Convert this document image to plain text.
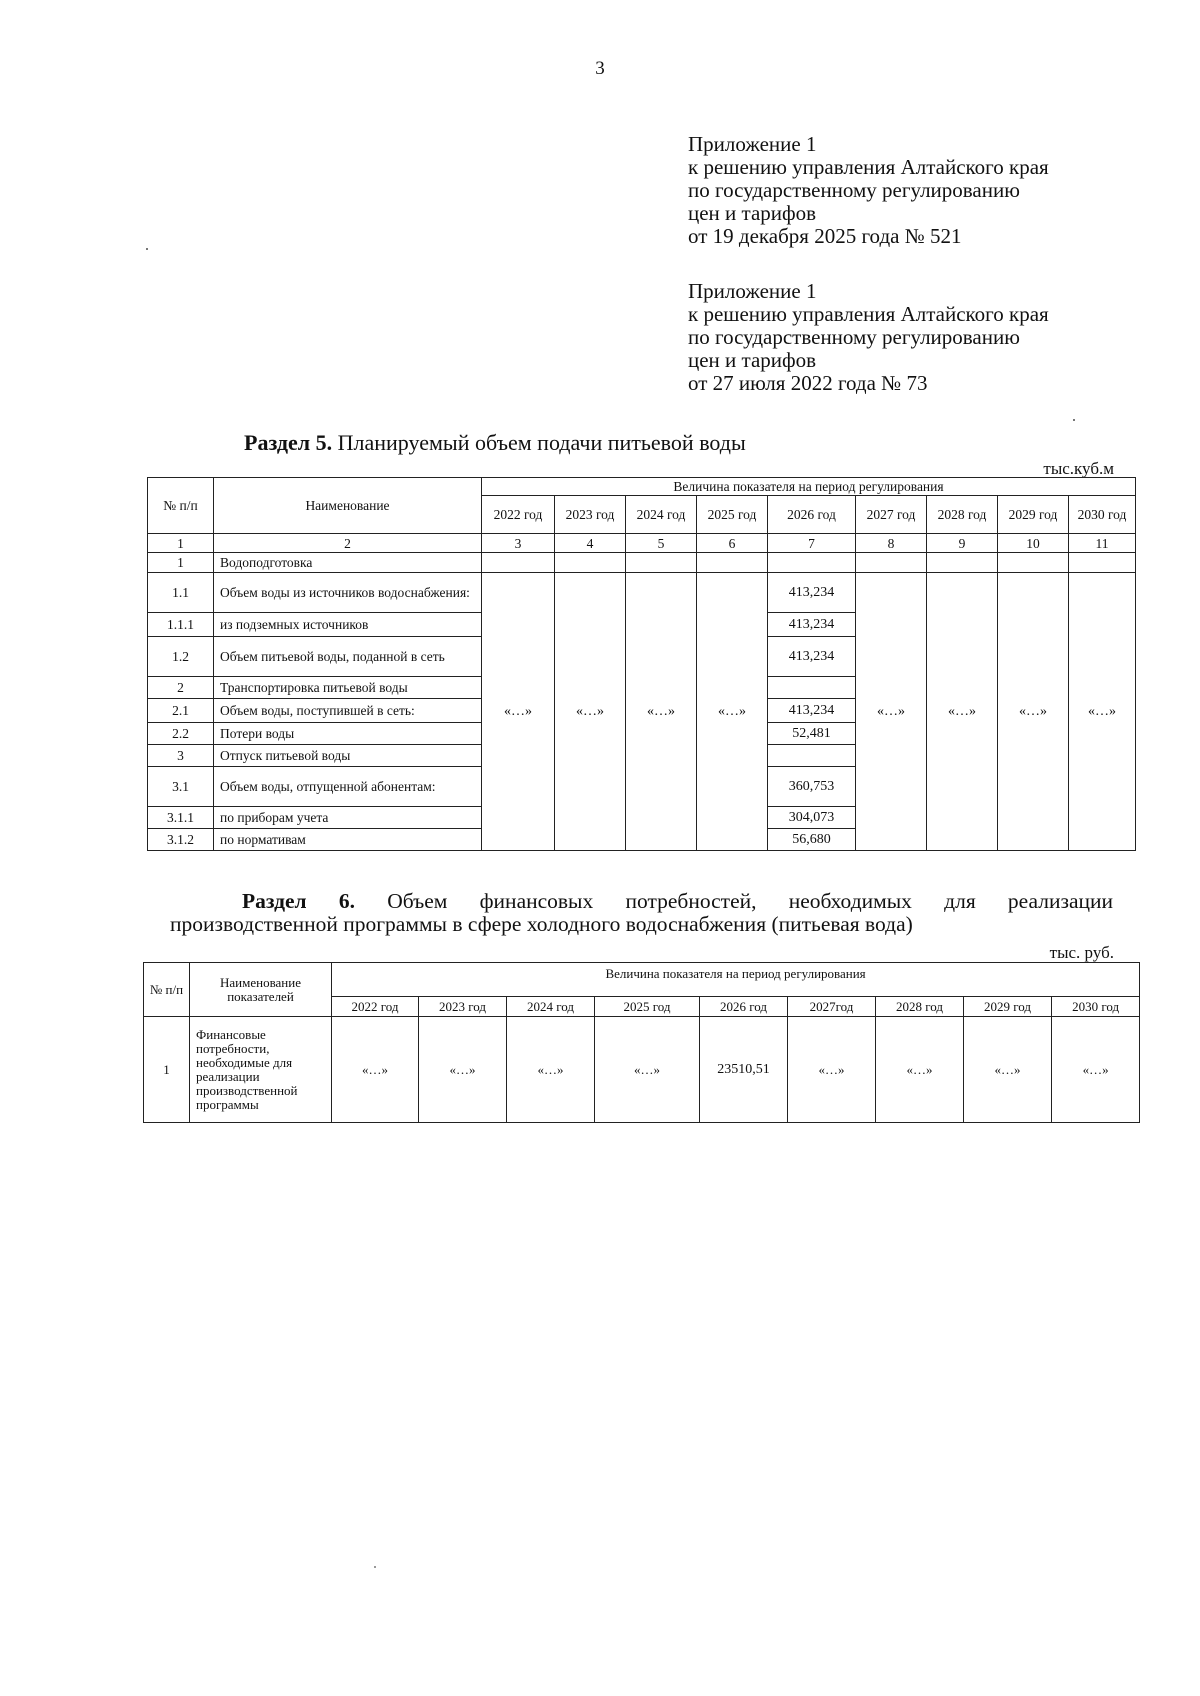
3
Приложение 1
к решению управления Алтайского края
по государственному регулированию
цен и тарифов
от 19 декабря 2025 года № 521
Приложение 1
к решению управления Алтайского края
по государственному регулированию
цен и тарифов
от 27 июля 2022 года № 73
Раздел 5. Планируемый объем подачи питьевой воды
тыс.куб.м
№ п/п	Наименование	Величина показателя на период регулирования								
		2022 год	2023 год	2024 год	2025 год	2026 год	2027 год	2028 год	2029 год	2030 год
1	2	3	4	5	6	7	8	9	10	11
1	Водоподготовка									
1.1	Объем воды из источников водоснабжения:	«…»	«…»	«…»	«…»	413,234	«…»	«…»	«…»	«…»
1.1.1	из подземных источников					413,234				
1.2	Объем питьевой воды, поданной в сеть					413,234				
2	Транспортировка питьевой воды									
2.1	Объем воды, поступившей в сеть:					413,234				
2.2	Потери воды					52,481				
3	Отпуск питьевой воды									
3.1	Объем воды, отпущенной абонентам:					360,753				
3.1.1	по приборам учета					304,073				
3.1.2	по нормативам					56,680				
Раздел 6. Объем финансовых потребностей, необходимых для реализации
производственной программы в сфере холодного водоснабжения (питьевая вода)
тыс. руб.
№ п/п	Наименование показателей	Величина показателя на период регулирования								
		2022 год	2023 год	2024 год	2025 год	2026 год	2027год	2028 год	2029 год	2030 год
1	Финансовые потребности, необходимые для реализации производственной программы	«…»	«…»	«…»	«…»	23510,51	«…»	«…»	«…»	«…»
